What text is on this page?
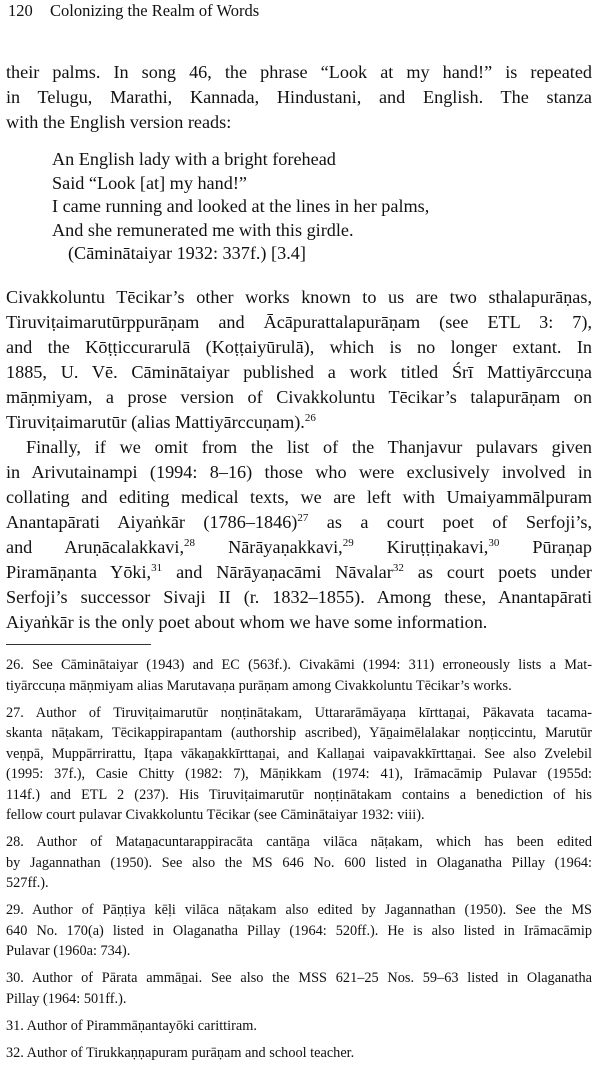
120 Colonizing the Realm of Words
their palms. In song 46, the phrase “Look at my hand!” is repeated
in Telugu, Marathi, Kannada, Hindustani, and English. The stanza
with the English version reads:
An English lady with a bright forehead
Said “Look [at] my hand!”
I came running and looked at the lines in her palms,
And she remunerated me with this girdle.
(Cāminātaiyar 1932: 337f.) [3.4]
Civakkoluntu Tēcikar’s other works known to us are two sthalapurāṇas,
Tiruviṭaimarutūrppurāṇam and Ācāpurattalapurāṇam (see ETL 3: 7),
and the Kōṭṭiccurarulā (Koṭṭaiyūrulā), which is no longer extant. In
1885, U. Vē. Cāminātaiyar published a work titled Śrī Mattiyārccuṇa
māṇmiyam, a prose version of Civakkoluntu Tēcikar’s talapurāṇam on
Tiruviṭaimarutūr (alias Mattiyārccuṇam).$^{26}$
Finally, if we omit from the list of the Thanjavur pulavars given
in Arivutainampi (1994: 8–16) those who were exclusively involved in
collating and editing medical texts, we are left with Umaiyammālpuram
Anantapārati Aiyaṅkār (1786–1846)$^{27}$ as a court poet of Serfoji’s,
and Aruṇācalakkavi,$^{28}$ Nārāyaṇakkavi,$^{29}$ Kiruṭṭiṇakavi,$^{30}$ Pūraṇap
Piramāṇanta Yōki,$^{31}$ and Nārāyaṇacāmi Nāvalar$^{32}$ as court poets under
Serfoji’s successor Sivaji II (r. 1832–1855). Among these, Anantapārati
Aiyaṅkār is the only poet about whom we have some information.
26. See Cāminātaiyar (1943) and EC (563f.). Civakāmi (1994: 311) erroneously lists a Mat-
tiyārccuṇa māṇmiyam alias Marutavaṇa purāṇam among Civakkoluntu Tēcikar’s works.
27. Author of Tiruviṭaimarutūr noṇṭinātakam, Uttararāmāyaṇa kīrttaṉai, Pākavata tacama-
skanta nāṭakam, Tēcikappirapantam (authorship ascribed), Yāṉaimēlalakar noṇṭiccintu, Marutūr
veṇpā, Muppārrirattu, Iṭapa vākaṉakkīrttaṉai, and Kallaṉai vaipavakkīrttaṉai. See also Zvelebil
(1995: 37f.), Casie Chitty (1982: 7), Māṇikkam (1974: 41), Irāmacāmip Pulavar (1955d:
114f.) and ETL 2 (237). His Tiruviṭaimarutūr noṇṭinātakam contains a benediction of his
fellow court pulavar Civakkoluntu Tēcikar (see Cāminātaiyar 1932: viii).
28. Author of Mataṉacuntarappiracāta cantāṉa vilāca nāṭakam, which has been edited
by Jagannathan (1950). See also the MS 646 No. 600 listed in Olaganatha Pillay (1964:
527ff.).
29. Author of Pāṇṭiya kēḷi vilāca nāṭakam also edited by Jagannathan (1950). See the MS
640 No. 170(a) listed in Olaganatha Pillay (1964: 520ff.). He is also listed in Irāmacāmip
Pulavar (1960a: 734).
30. Author of Pārata ammāṉai. See also the MSS 621–25 Nos. 59–63 listed in Olaganatha
Pillay (1964: 501ff.).
31. Author of Pirammāṇantayōki carittiram.
32. Author of Tirukkaṇṇapuram purāṇam and school teacher.
